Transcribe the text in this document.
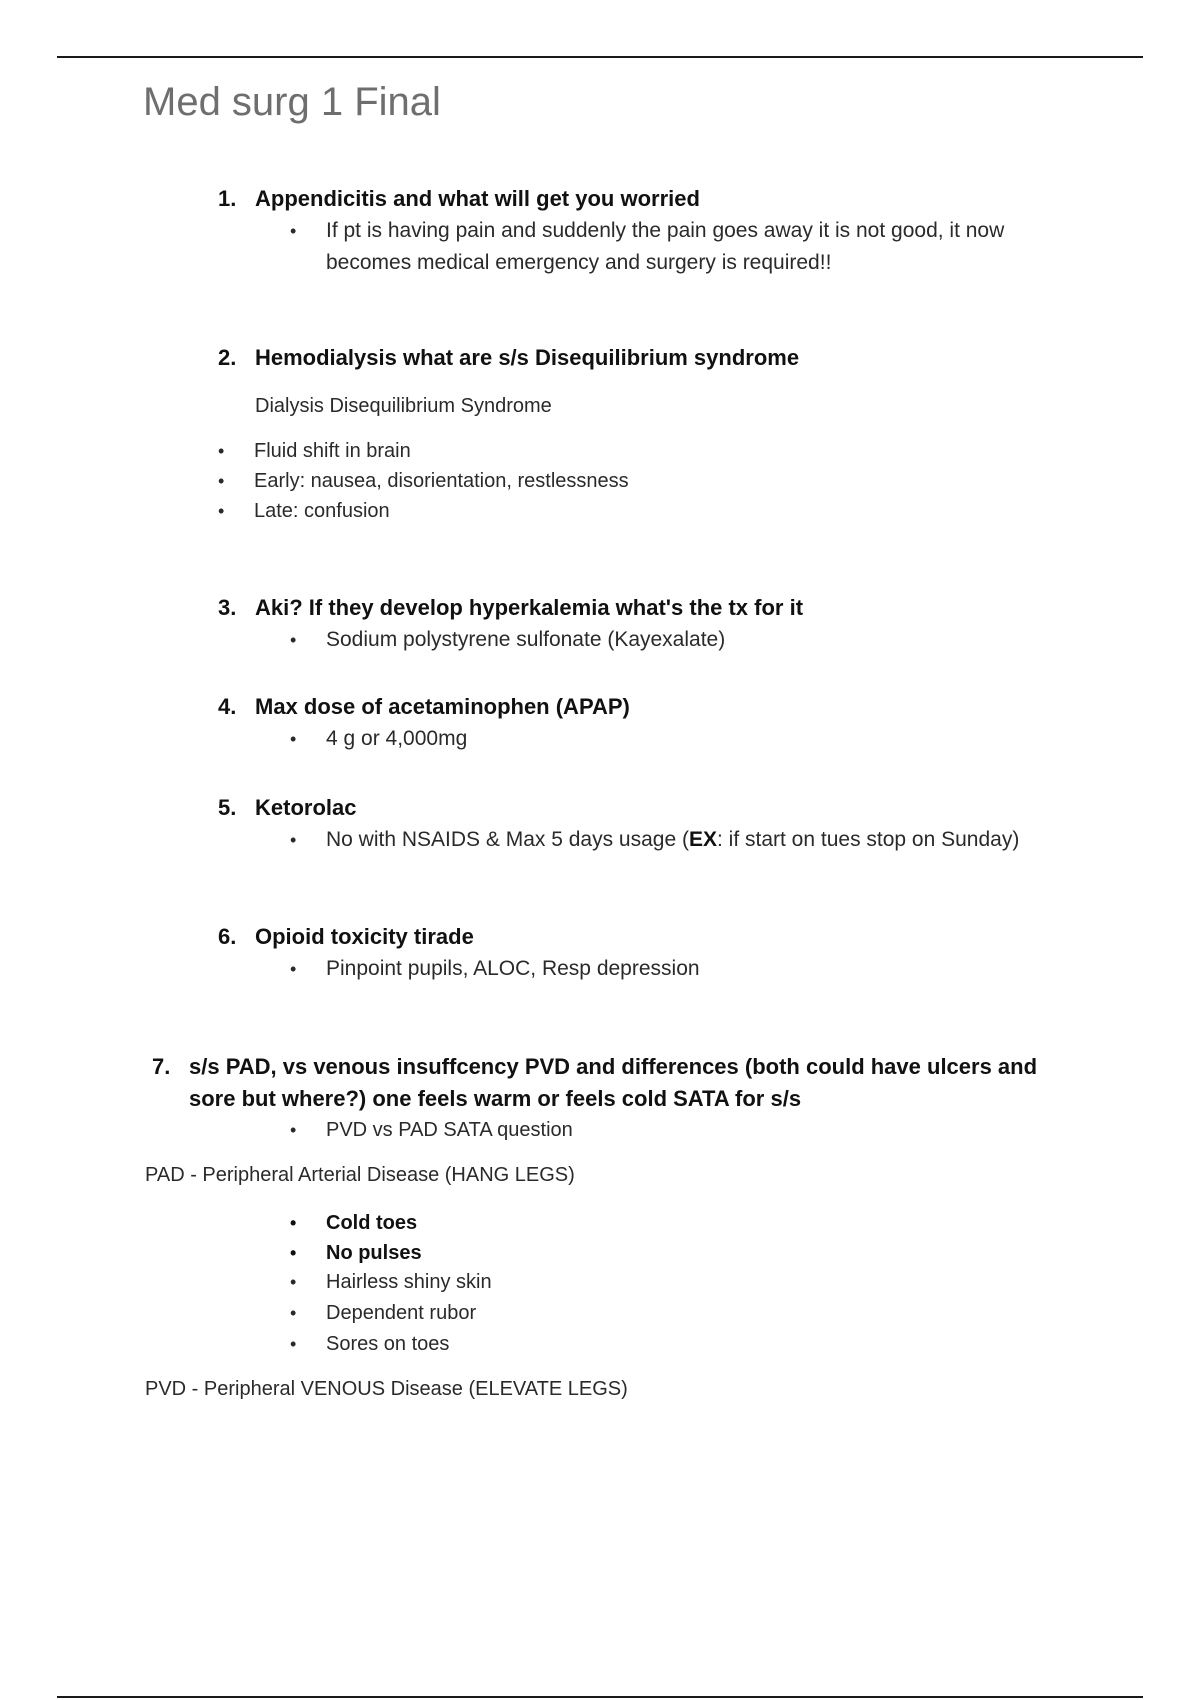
Med surg 1 Final
1. Appendicitis and what will get you worried
•	If pt is having pain and suddenly the pain goes away it is not good, it now becomes medical emergency and surgery is required!!
2. Hemodialysis what are s/s Disequilibrium syndrome
Dialysis Disequilibrium Syndrome
•	Fluid shift in brain
•	Early: nausea, disorientation, restlessness
•	Late: confusion
3. Aki? If they develop hyperkalemia what's the tx for it
•	Sodium polystyrene sulfonate (Kayexalate)
4. Max dose of acetaminophen (APAP)
•	4 g or 4,000mg
5. Ketorolac
•	No with NSAIDS & Max 5 days usage (EX: if start on tues stop on Sunday)
6. Opioid toxicity tirade
•	Pinpoint pupils, ALOC, Resp depression
7. s/s PAD, vs venous insuffcency PVD and differences (both could have ulcers and sore but where?) one feels warm or feels cold SATA for s/s
•	PVD vs PAD SATA question
PAD - Peripheral Arterial Disease (HANG LEGS)
•	Cold toes
•	No pulses
•	Hairless shiny skin
•	Dependent rubor
•	Sores on toes
PVD - Peripheral VENOUS Disease (ELEVATE LEGS)
